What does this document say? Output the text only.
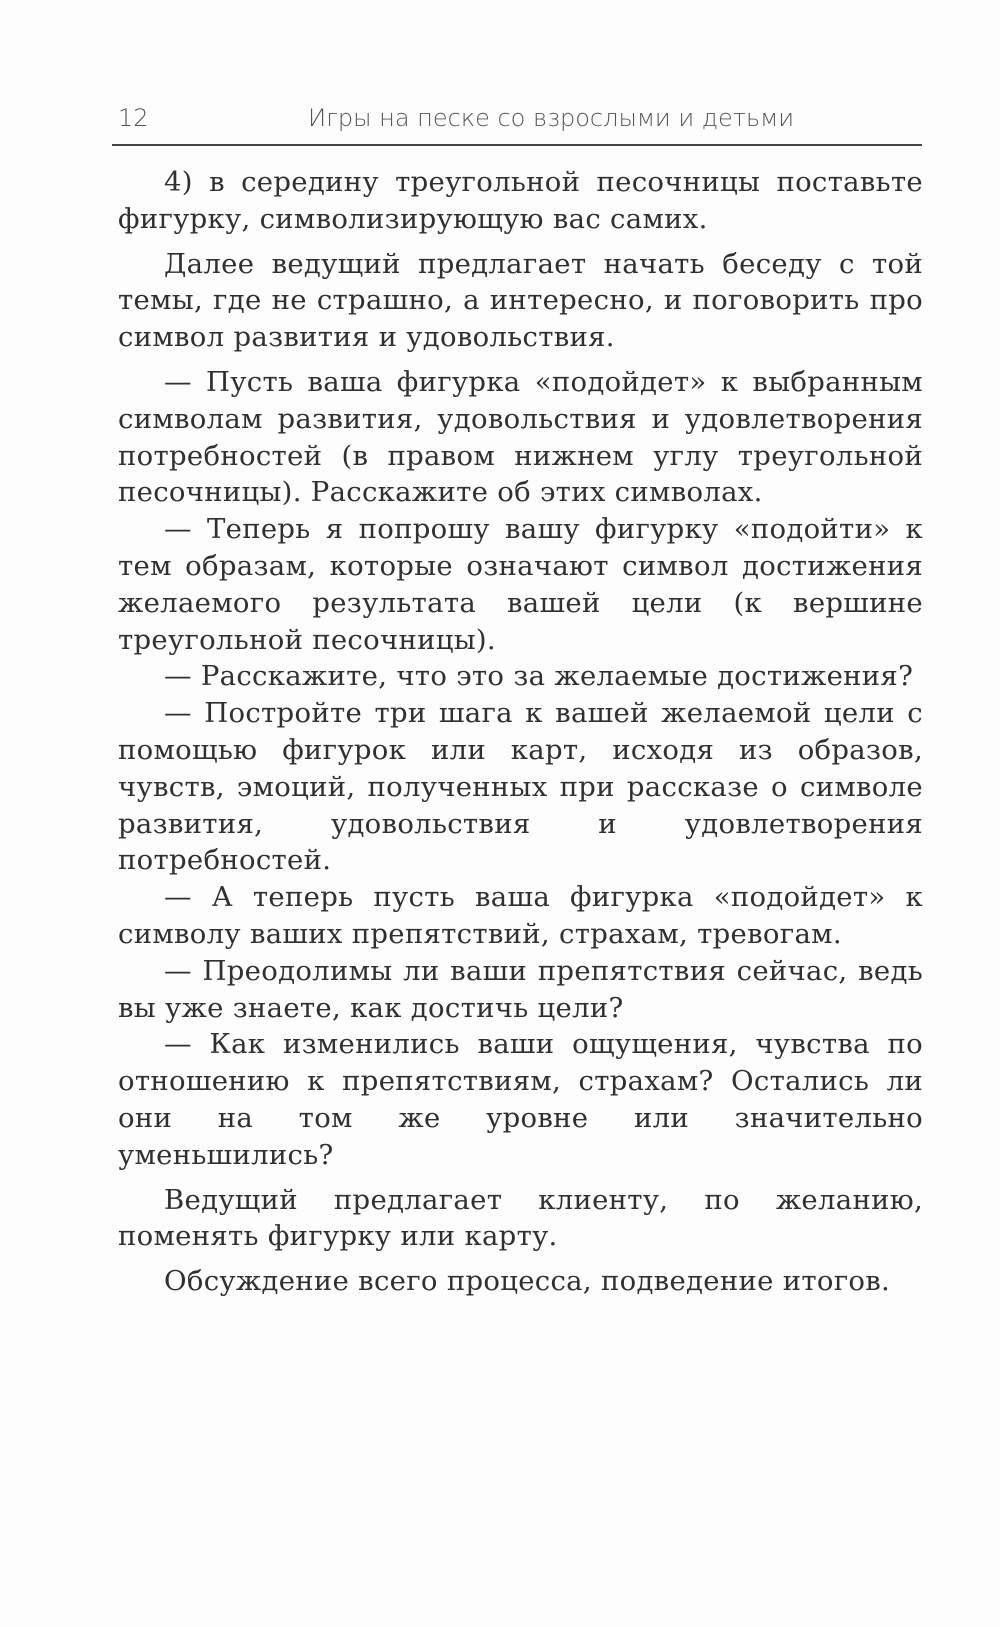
12	Игры на песке со взрослыми и детьми

4) в середину треугольной песочницы поставьте фигурку, символизирующую вас самих.

Далее ведущий предлагает начать беседу с той темы, где не страшно, а интересно, и поговорить про символ развития и удовольствия.

— Пусть ваша фигурка «подойдет» к выбранным символам развития, удовольствия и удовлетворения потребностей (в правом нижнем углу треугольной песочницы). Расскажите об этих символах.

— Теперь я попрошу вашу фигурку «подойти» к тем образам, которые означают символ достижения желаемого результата вашей цели (к вершине треугольной песочницы).

— Расскажите, что это за желаемые достижения?

— Постройте три шага к вашей желаемой цели с помощью фигурок или карт, исходя из образов, чувств, эмоций, полученных при рассказе о символе развития, удовольствия и удовлетворения потребностей.

— А теперь пусть ваша фигурка «подойдет» к символу ваших препятствий, страхам, тревогам.

— Преодолимы ли ваши препятствия сейчас, ведь вы уже знаете, как достичь цели?

— Как изменились ваши ощущения, чувства по отношению к препятствиям, страхам? Остались ли они на том же уровне или значительно уменьшились?

Ведущий предлагает клиенту, по желанию, поменять фигурку или карту.

Обсуждение всего процесса, подведение итогов.
